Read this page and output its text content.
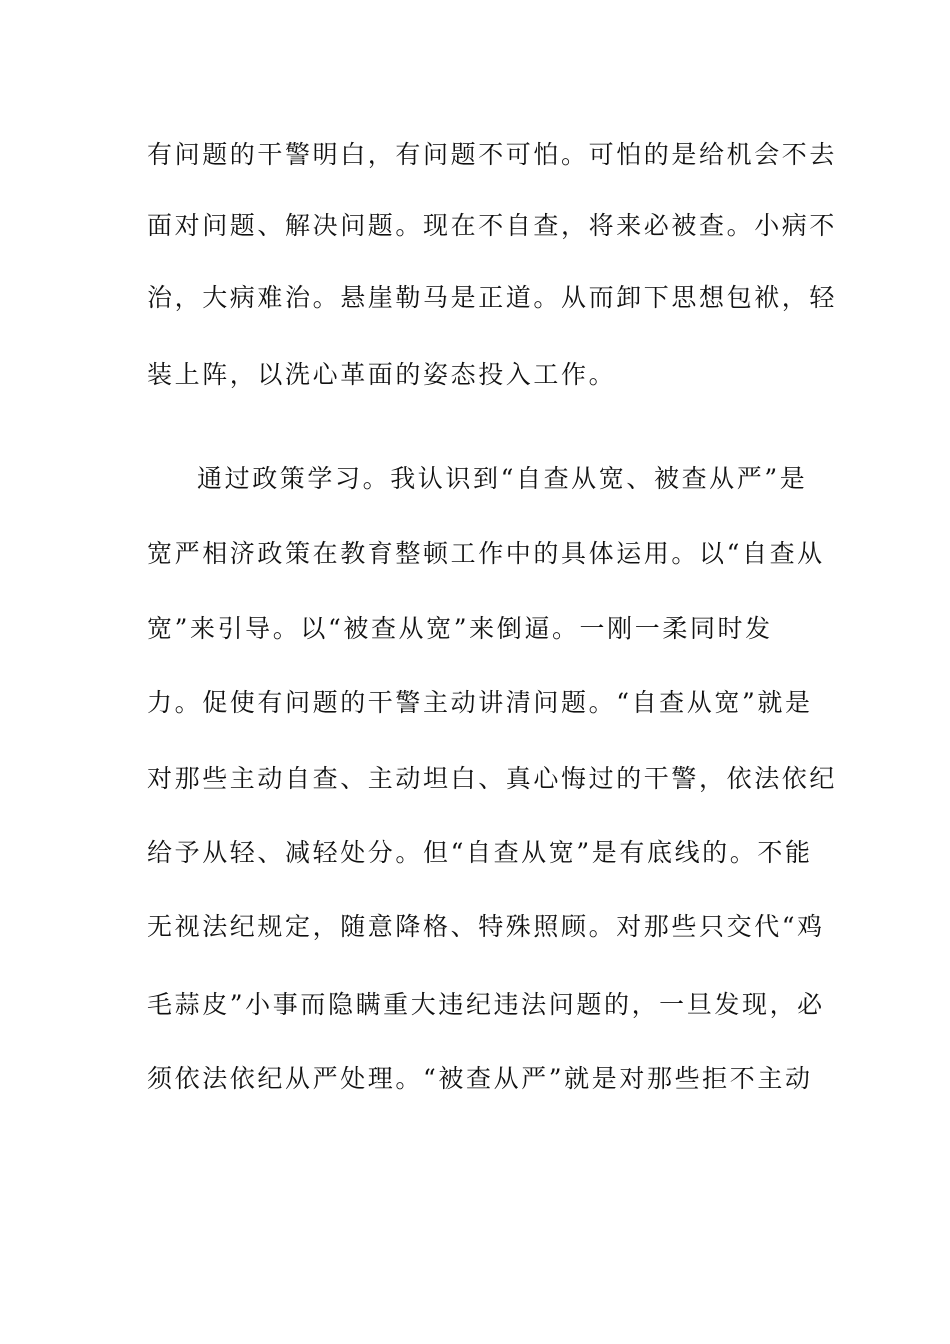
有问题的干警明白，有问题不可怕。可怕的是给机会不去
面对问题、解决问题。现在不自查，将来必被查。小病不
治，大病难治。悬崖勒马是正道。从而卸下思想包袱，轻
装上阵，以洗心革面的姿态投入工作。
通过政策学习。我认识到“自查从宽、被查从严”是
宽严相济政策在教育整顿工作中的具体运用。以“自查从
宽”来引导。以“被查从宽”来倒逼。一刚一柔同时发
力。促使有问题的干警主动讲清问题。“自查从宽”就是
对那些主动自查、主动坦白、真心悔过的干警，依法依纪
给予从轻、减轻处分。但“自查从宽”是有底线的。不能
无视法纪规定，随意降格、特殊照顾。对那些只交代“鸡
毛蒜皮”小事而隐瞒重大违纪违法问题的，一旦发现，必
须依法依纪从严处理。“被查从严”就是对那些拒不主动
